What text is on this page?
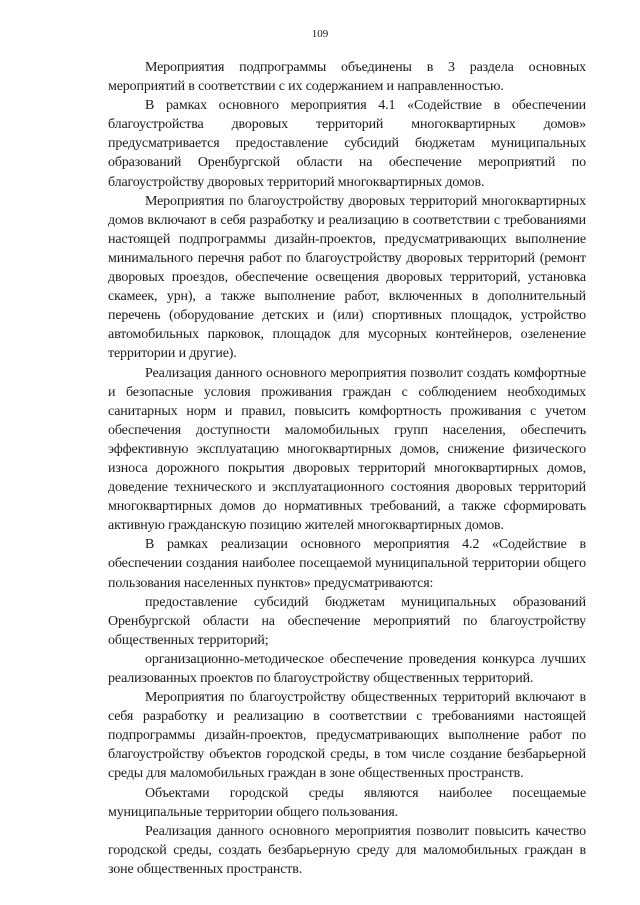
109

Мероприятия подпрограммы объединены в 3 раздела основных мероприятий в соответствии с их содержанием и направленностью.

В рамках основного мероприятия 4.1 «Содействие в обеспечении благоустройства дворовых территорий многоквартирных домов» предусматривается предоставление субсидий бюджетам муниципальных образований Оренбургской области на обеспечение мероприятий по благоустройству дворовых территорий многоквартирных домов.

Мероприятия по благоустройству дворовых территорий многоквартирных домов включают в себя разработку и реализацию в соответствии с требованиями настоящей подпрограммы дизайн-проектов, предусматривающих выполнение минимального перечня работ по благоустройству дворовых территорий (ремонт дворовых проездов, обеспечение освещения дворовых территорий, установка скамеек, урн), а также выполнение работ, включенных в дополнительный перечень (оборудование детских и (или) спортивных площадок, устройство автомобильных парковок, площадок для мусорных контейнеров, озеленение территории и другие).

Реализация данного основного мероприятия позволит создать комфортные и безопасные условия проживания граждан с соблюдением необходимых санитарных норм и правил, повысить комфортность проживания с учетом обеспечения доступности маломобильных групп населения, обеспечить эффективную эксплуатацию многоквартирных домов, снижение физического износа дорожного покрытия дворовых территорий многоквартирных домов, доведение технического и эксплуатационного состояния дворовых территорий многоквартирных домов до нормативных требований, а также сформировать активную гражданскую позицию жителей многоквартирных домов.

В рамках реализации основного мероприятия 4.2 «Содействие в обеспечении создания наиболее посещаемой муниципальной территории общего пользования населенных пунктов» предусматриваются:

предоставление субсидий бюджетам муниципальных образований Оренбургской области на обеспечение мероприятий по благоустройству общественных территорий;

организационно-методическое обеспечение проведения конкурса лучших реализованных проектов по благоустройству общественных территорий.

Мероприятия по благоустройству общественных территорий включают в себя разработку и реализацию в соответствии с требованиями настоящей подпрограммы дизайн-проектов, предусматривающих выполнение работ по благоустройству объектов городской среды, в том числе создание безбарьерной среды для маломобильных граждан в зоне общественных пространств.

Объектами городской среды являются наиболее посещаемые муниципальные территории общего пользования.

Реализация данного основного мероприятия позволит повысить качество городской среды, создать безбарьерную среду для маломобильных граждан в зоне общественных пространств.
